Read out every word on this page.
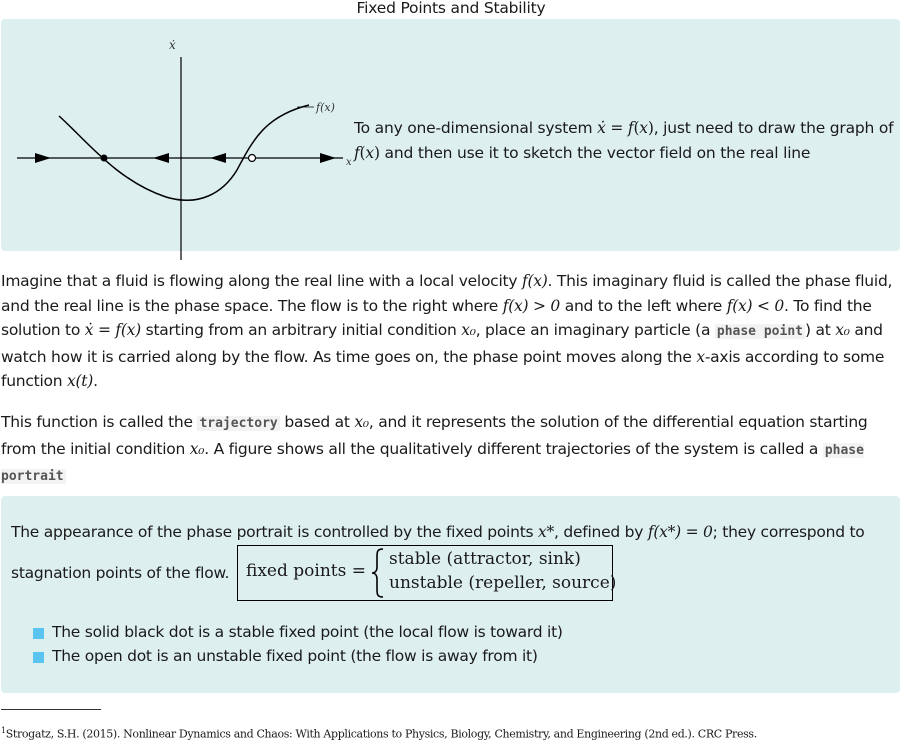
Fixed Points and Stability
ẋ
x
f(x)
To any one-dimensional system ẋ = f(x), just need to draw the graph of f(x) and then use it to sketch the vector field on the real line
Imagine that a fluid is flowing along the real line with a local velocity f(x). This imaginary fluid is called the phase fluid, and the real line is the phase space. The flow is to the right where f(x) > 0 and to the left where f(x) < 0. To find the solution to ẋ = f(x) starting from an arbitrary initial condition x₀, place an imaginary particle (a phase point ) at x₀ and watch how it is carried along by the flow. As time goes on, the phase point moves along the x-axis according to some function x(t).
This function is called the trajectory based at x₀, and it represents the solution of the differential equation starting from the initial condition x₀. A figure shows all the qualitatively different trajectories of the system is called a phase portrait
The appearance of the phase portrait is controlled by the fixed points x*, defined by f(x*) = 0; they correspond to
stagnation points of the flow. fixed points =
stable (attractor, sink)
unstable (repeller, source)
The solid black dot is a stable fixed point (the local flow is toward it)
The open dot is an unstable fixed point (the flow is away from it)
$^1$Strogatz, S.H. (2015). Nonlinear Dynamics and Chaos: With Applications to Physics, Biology, Chemistry, and Engineering (2nd ed.). CRC Press.
